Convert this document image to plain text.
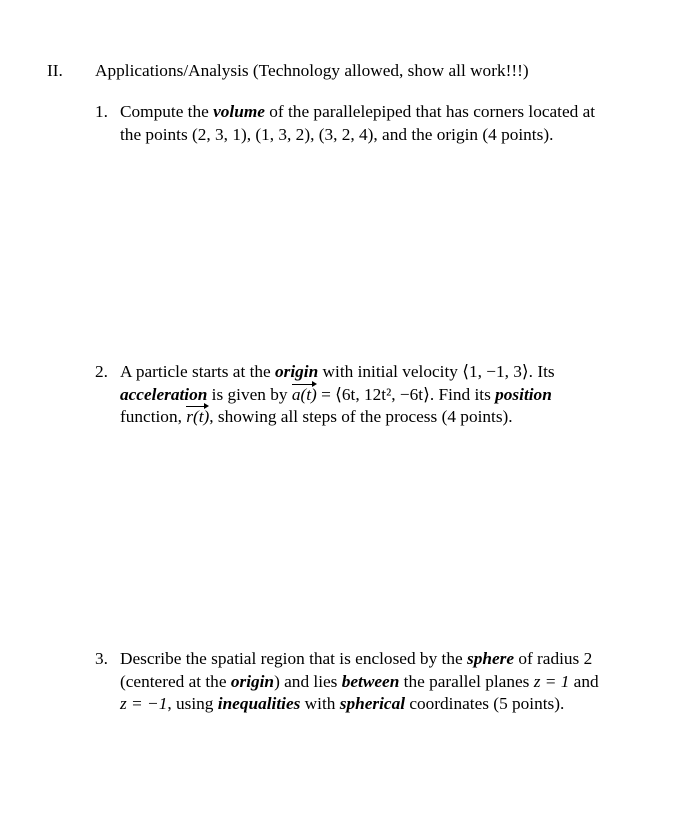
II. Applications/Analysis (Technology allowed, show all work!!!)
1. Compute the volume of the parallelepiped that has corners located at
the points (2, 3, 1), (1, 3, 2), (3, 2, 4), and the origin (4 points).
2. A particle starts at the origin with initial velocity ⟨1, −1, 3⟩. Its
acceleration is given by a(t) = ⟨6t, 12t², −6t⟩. Find its position
function, r(t), showing all steps of the process (4 points).
3. Describe the spatial region that is enclosed by the sphere of radius 2
(centered at the origin) and lies between the parallel planes z = 1 and
z = −1, using inequalities with spherical coordinates (5 points).
